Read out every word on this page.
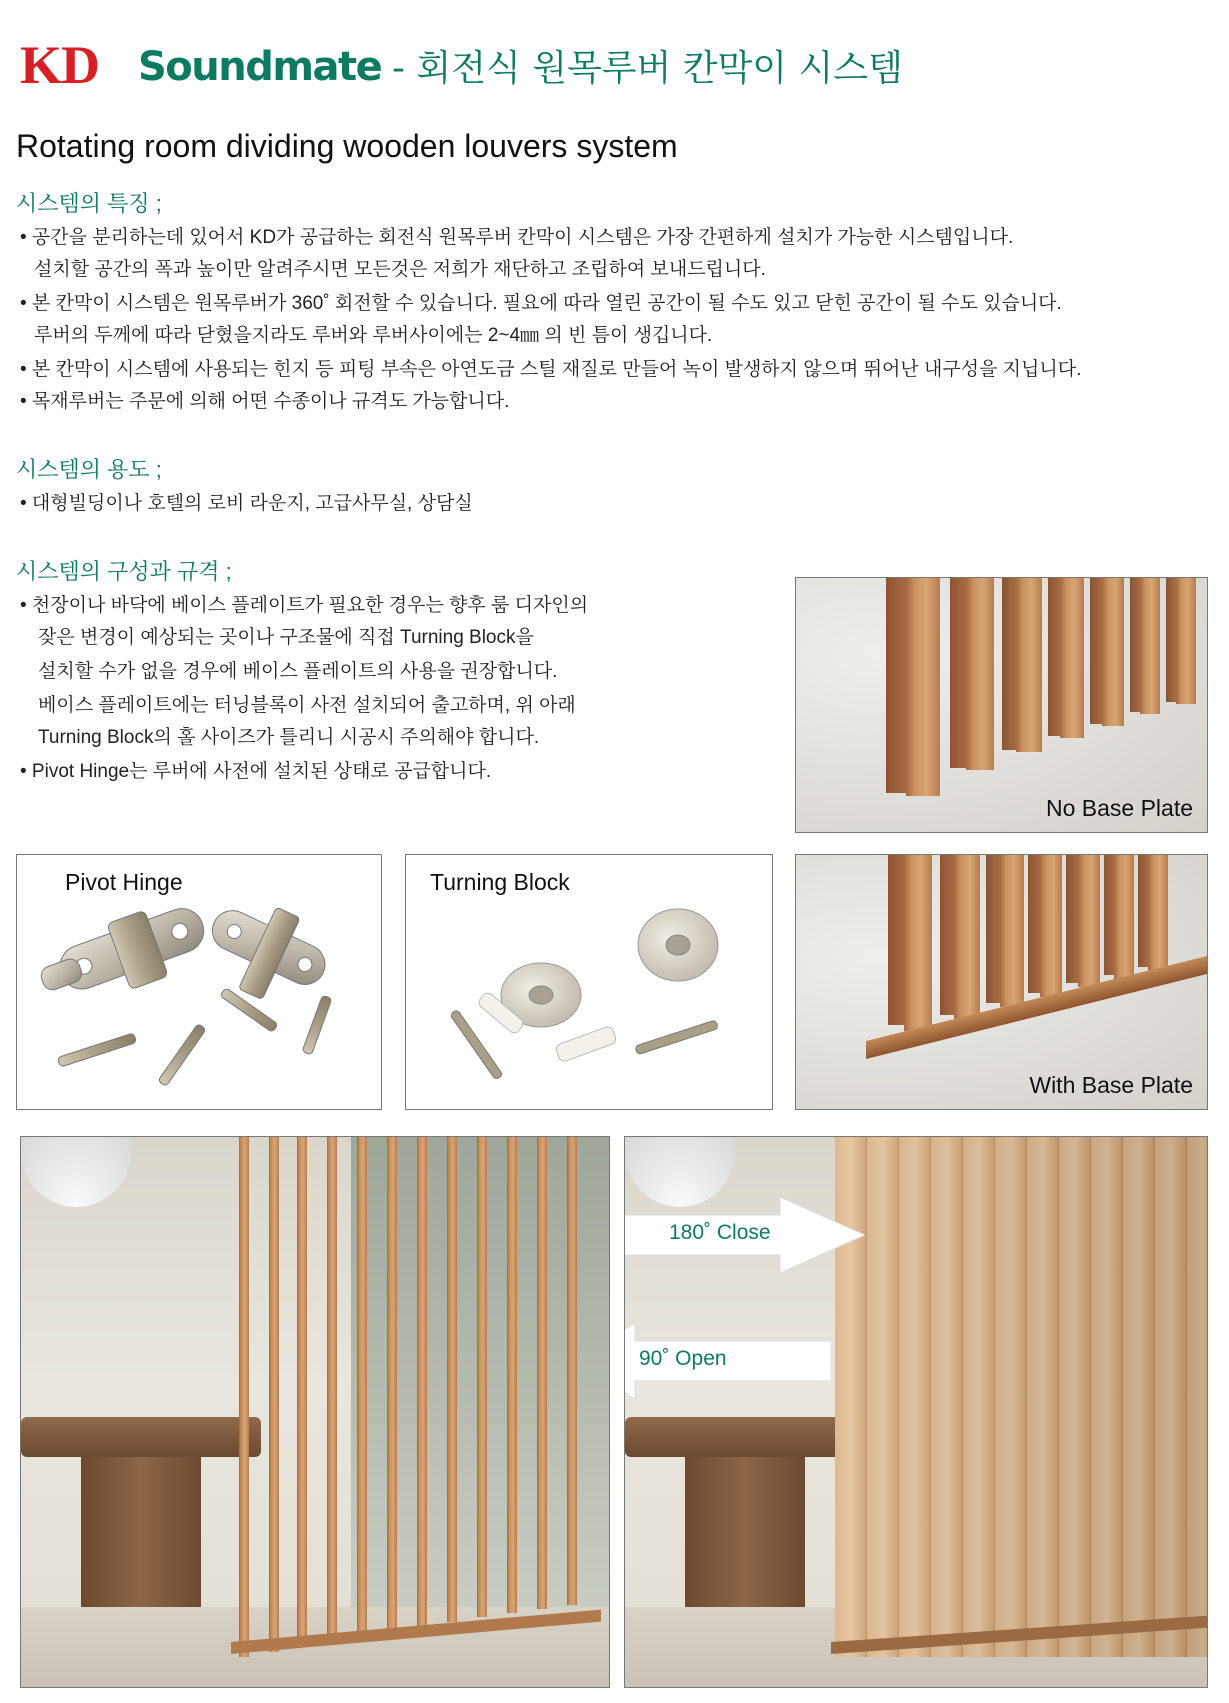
KD Soundmate - 회전식 원목루버 칸막이 시스템
Rotating room dividing wooden louvers system
시스템의 특징 ;
• 공간을 분리하는데 있어서 KD가 공급하는 회전식 원목루버 칸막이 시스템은 가장 간편하게 설치가 가능한 시스템입니다.
설치할 공간의 폭과 높이만 알려주시면 모든것은 저희가 재단하고 조립하여 보내드립니다.
• 본 칸막이 시스템은 원목루버가 360˚ 회전할 수 있습니다. 필요에 따라 열린 공간이 될 수도 있고 닫힌 공간이 될 수도 있습니다.
루버의 두께에 따라 닫혔을지라도 루버와 루버사이에는 2~4㎜ 의 빈 틈이 생깁니다.
• 본 칸막이 시스템에 사용되는 힌지 등 피팅 부속은 아연도금 스틸 재질로 만들어 녹이 발생하지 않으며 뛰어난 내구성을 지닙니다.
• 목재루버는 주문에 의해 어떤 수종이나 규격도 가능합니다.
시스템의 용도 ;
• 대형빌딩이나 호텔의 로비 라운지, 고급사무실, 상담실
시스템의 구성과 규격 ;
• 천장이나 바닥에 베이스 플레이트가 필요한 경우는 향후 룸 디자인의
잦은 변경이 예상되는 곳이나 구조물에 직접 Turning Block을
설치할 수가 없을 경우에 베이스 플레이트의 사용을 권장합니다.
베이스 플레이트에는 터닝블록이 사전 설치되어 출고하며, 위 아래
Turning Block의 홀 사이즈가 틀리니 시공시 주의해야 합니다.
• Pivot Hinge는 루버에 사전에 설치된 상태로 공급합니다.
No Base Plate
Pivot Hinge	Turning Block
With Base Plate
180˚ Close
90˚ Open
